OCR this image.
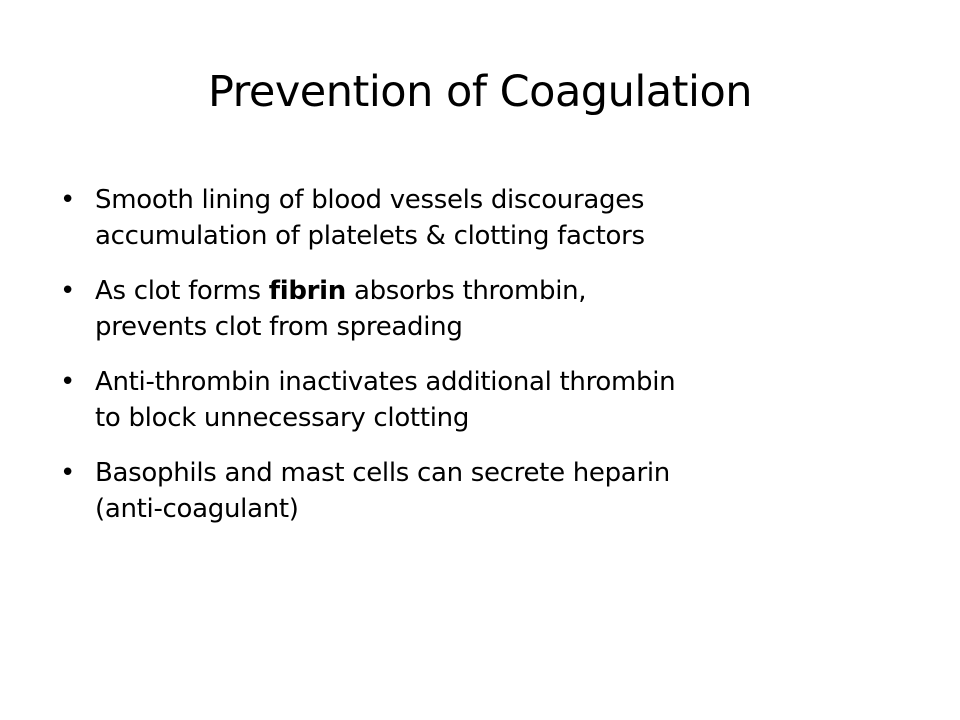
Prevention of Coagulation
• Smooth lining of blood vessels discourages
accumulation of platelets & clotting factors
• As clot forms fibrin absorbs thrombin,
prevents clot from spreading
• Anti-thrombin inactivates additional thrombin
to block unnecessary clotting
• Basophils and mast cells can secrete heparin
(anti-coagulant)
